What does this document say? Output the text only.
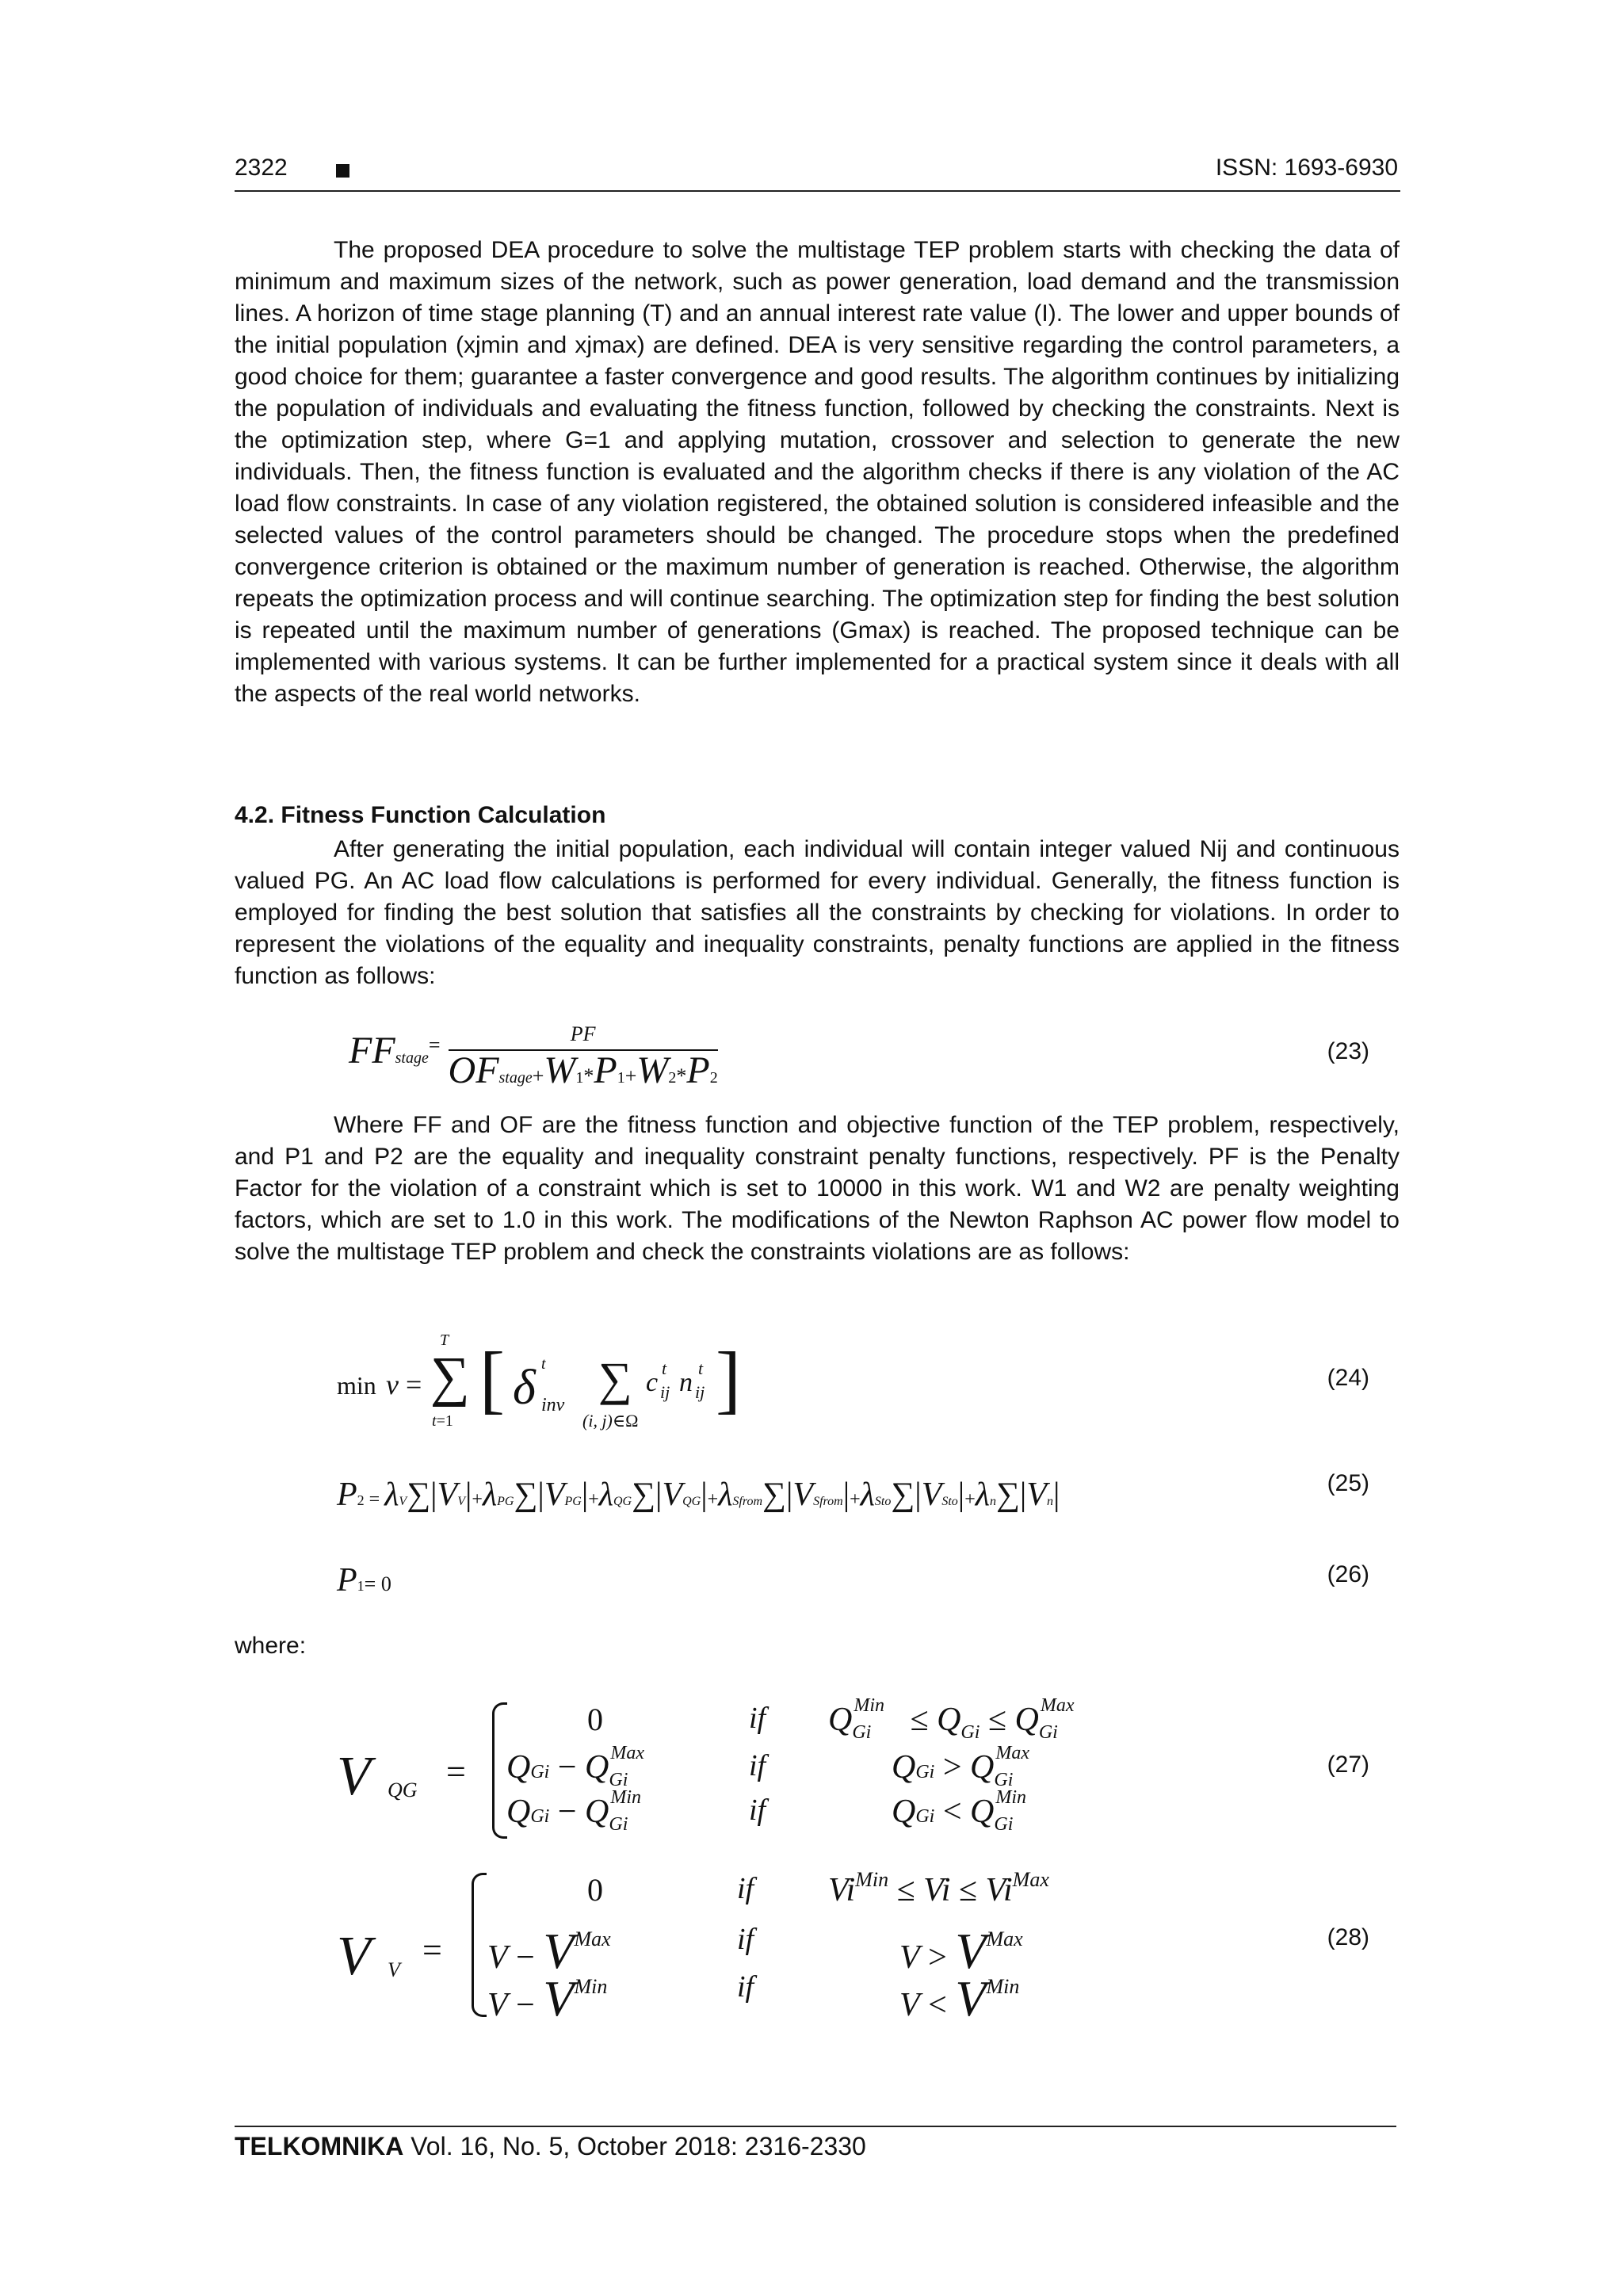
2322	ISSN: 1693-6930
The proposed DEA procedure to solve the multistage TEP problem starts with checking the data of minimum and maximum sizes of the network, such as power generation, load demand and the transmission lines. A horizon of time stage planning (T) and an annual interest rate value (I). The lower and upper bounds of the initial population (xjmin and xjmax) are defined. DEA is very sensitive regarding the control parameters, a good choice for them; guarantee a faster convergence and good results. The algorithm continues by initializing the population of individuals and evaluating the fitness function, followed by checking the constraints. Next is the optimization step, where G=1 and applying mutation, crossover and selection to generate the new individuals. Then, the fitness function is evaluated and the algorithm checks if there is any violation of the AC load flow constraints. In case of any violation registered, the obtained solution is considered infeasible and the selected values of the control parameters should be changed. The procedure stops when the predefined convergence criterion is obtained or the maximum number of generation is reached. Otherwise, the algorithm repeats the optimization process and will continue searching. The optimization step for finding the best solution is repeated until the maximum number of generations (Gmax) is reached. The proposed technique can be implemented with various systems. It can be further implemented for a practical system since it deals with all the aspects of the real world networks.
4.2. Fitness Function Calculation
After generating the initial population, each individual will contain integer valued Nij and continuous valued PG. An AC load flow calculations is performed for every individual. Generally, the fitness function is employed for finding the best solution that satisfies all the constraints by checking for violations. In order to represent the violations of the equality and inequality constraints, penalty functions are applied in the fitness function as follows:
FFstage=	PF
OFstage+W1*P1+W2*P2
(23)
Where FF and OF are the fitness function and objective function of the TEP problem, respectively, and P1 and P2 are the equality and inequality constraint penalty functions, respectively. PF is the Penalty Factor for the violation of a constraint which is set to 10000 in this work. W1 and W2 are penalty weighting factors, which are set to 1.0 in this work. The modifications of the Newton Raphson AC power flow model to solve the multistage TEP problem and check the constraints violations are as follows:
min v =
T
∑
t=1 [ δ t
inv ∑
(i, j)∈Ω
c ij
t n ij
t ]	(24)
P2 = λV∑|VV|+λPG∑|VPG|+λQG∑|VQG|+λSfrom∑|VSfrom|+λSto∑|VSto|+λn∑|Vn|	(25)
P1= 0	(26)
where:
V QG =
0	if $Q_{Gi}^{Min} \le Q_{Gi} \le Q_{Gi}^{Max}$
QGi − $Q_{Gi}^{Max}$	if	QGi > $Q_{Gi}^{Max}$
QGi − $Q_{Gi}^{Min}$	if	QGi < $Q_{Gi}^{Min}$
(27)
V V
=
0	if $Vi^{Min} \le Vi \le Vi^{Max}$
$V - V^{Max}$	if	$V > V^{Max}$
$V - V^{Min}$	if	$V < V^{Min}$
(28)
TELKOMNIKA Vol. 16, No. 5, October 2018: 2316-2330
